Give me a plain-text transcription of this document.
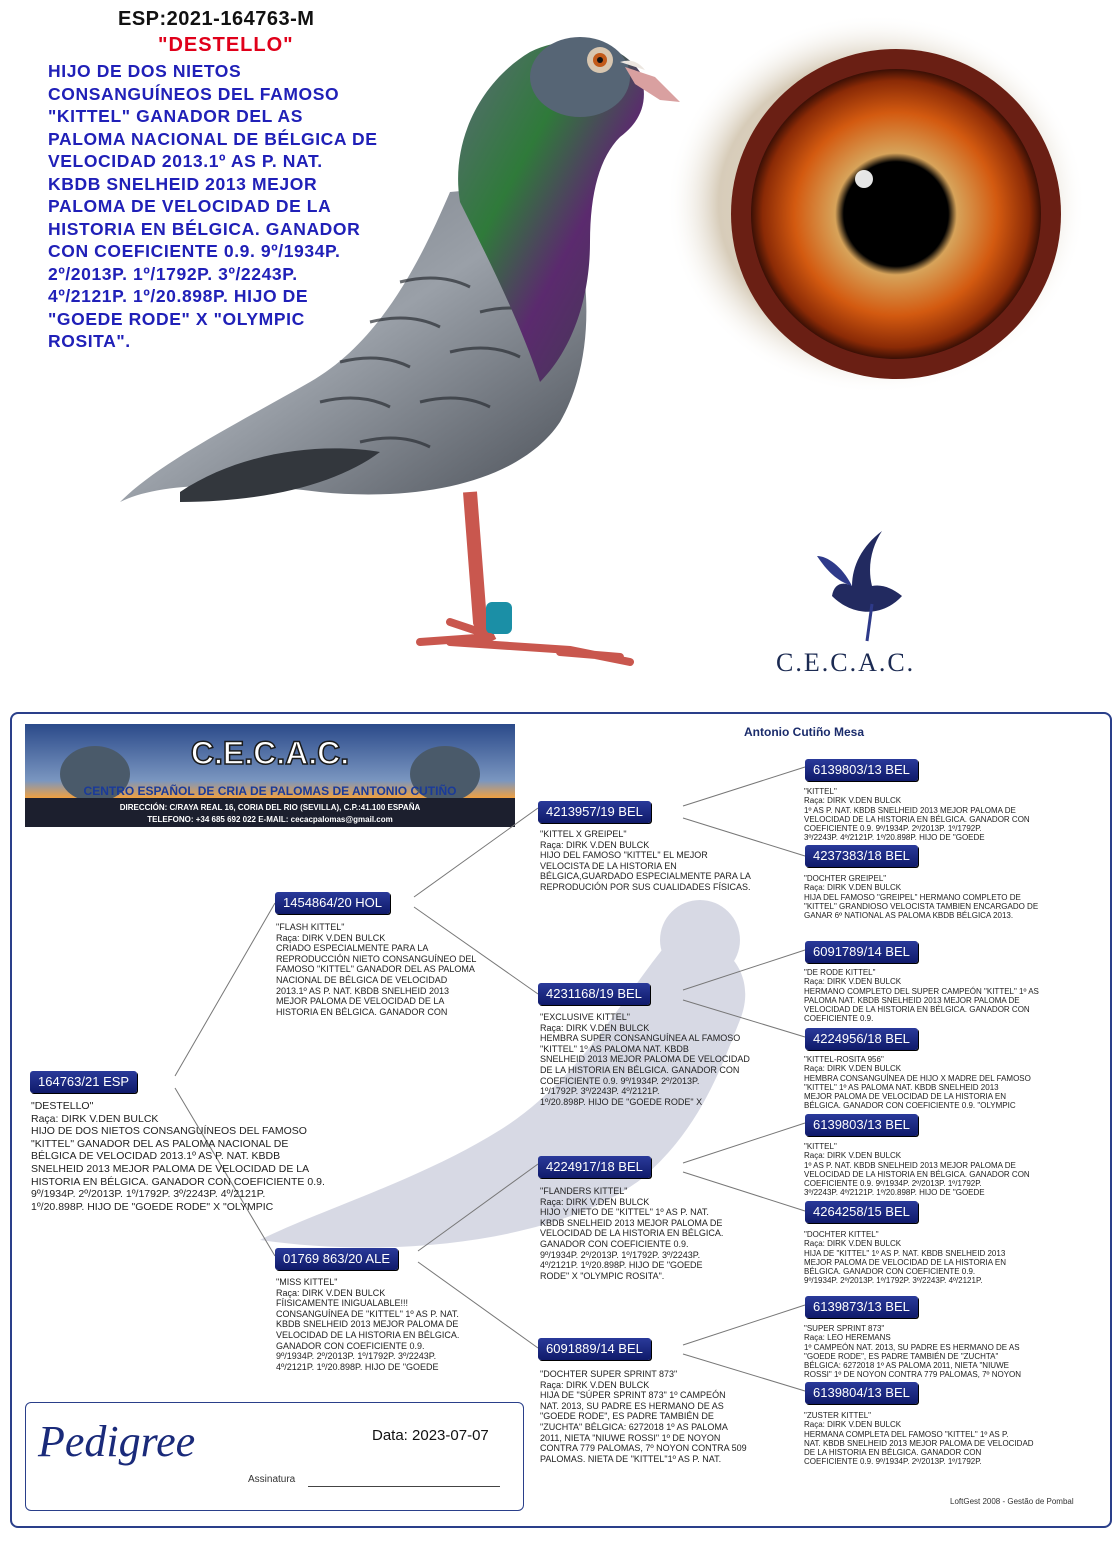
ESP:2021-164763-M
"DESTELLO"
HIJO DE DOS NIETOS
CONSANGUÍNEOS DEL FAMOSO
"KITTEL" GANADOR DEL AS
PALOMA NACIONAL DE BÉLGICA DE
VELOCIDAD 2013.1º AS P. NAT.
KBDB SNELHEID 2013 MEJOR
PALOMA DE VELOCIDAD DE LA
HISTORIA EN BÉLGICA. GANADOR
CON COEFICIENTE 0.9. 9º/1934P.
2º/2013P. 1º/1792P. 3º/2243P.
4º/2121P. 1º/20.898P. HIJO DE
"GOEDE RODE" X "OLYMPIC
ROSITA".
C.E.C.A.C.
C.E.C.A.C.
CENTRO ESPAÑOL DE CRIA DE PALOMAS DE ANTONIO CUTIÑO
DIRECCIÓN: C/RAYA REAL 16, CORIA DEL RIO (SEVILLA), C.P.:41.100 ESPAÑA
TELEFONO: +34 685 692 022 E-MAIL: cecacpalomas@gmail.com
Antonio Cutiño Mesa
164763/21 ESP
"DESTELLO"
Raça: DIRK V.DEN BULCK
HIJO DE DOS NIETOS CONSANGUÍNEOS DEL FAMOSO
"KITTEL" GANADOR DEL AS PALOMA NACIONAL DE
BÉLGICA DE VELOCIDAD 2013.1º AS P. NAT. KBDB
SNELHEID 2013 MEJOR PALOMA DE VELOCIDAD DE LA
HISTORIA EN BÉLGICA. GANADOR CON COEFICIENTE 0.9.
9º/1934P. 2º/2013P. 1º/1792P. 3º/2243P. 4º/2121P.
1º/20.898P. HIJO DE "GOEDE RODE" X "OLYMPIC
1454864/20 HOL
"FLASH KITTEL"
Raça: DIRK V.DEN BULCK
CRIADO ESPECIALMENTE PARA LA
REPRODUCCIÓN NIETO CONSANGUÍNEO DEL
FAMOSO "KITTEL" GANADOR DEL AS PALOMA
NACIONAL DE BÉLGICA DE VELOCIDAD
2013.1º AS P. NAT. KBDB SNELHEID 2013
MEJOR PALOMA DE VELOCIDAD DE LA
HISTORIA EN BÉLGICA. GANADOR CON
01769 863/20 ALE
"MISS KITTEL"
Raça: DIRK V.DEN BULCK
FÍISICAMENTE INIGUALABLE!!!
CONSANGUÍNEA DE "KITTEL" 1º AS P. NAT.
KBDB SNELHEID 2013 MEJOR PALOMA DE
VELOCIDAD DE LA HISTORIA EN BÉLGICA.
GANADOR CON COEFICIENTE 0.9.
9º/1934P. 2º/2013P. 1º/1792P. 3º/2243P.
4º/2121P. 1º/20.898P. HIJO DE "GOEDE
4213957/19 BEL
"KITTEL X GREIPEL"
Raça: DIRK V.DEN BULCK
HIJO DEL FAMOSO "KITTEL" EL MEJOR
VELOCISTA DE LA HISTORIA EN
BÉLGICA,GUARDADO ESPECIALMENTE PARA LA
REPRODUCIÓN POR SUS CUALIDADES FÍSICAS.
4231168/19 BEL
"EXCLUSIVE KITTEL"
Raça: DIRK V.DEN BULCK
HEMBRA SUPER CONSANGUÍNEA AL FAMOSO
"KITTEL" 1º AS PALOMA NAT. KBDB
SNELHEID 2013 MEJOR PALOMA DE VELOCIDAD
DE LA HISTORIA EN BÉLGICA. GANADOR CON
COEFICIENTE 0.9. 9º/1934P. 2º/2013P.
1º/1792P. 3º/2243P. 4º/2121P.
1º/20.898P. HIJO DE "GOEDE RODE" X
4224917/18 BEL
"FLANDERS KITTEL"
Raça: DIRK V.DEN BULCK
HIJO Y NIETO DE "KITTEL" 1º AS P. NAT.
KBDB SNELHEID 2013 MEJOR PALOMA DE
VELOCIDAD DE LA HISTORIA EN BÉLGICA.
GANADOR CON COEFICIENTE 0.9.
9º/1934P. 2º/2013P. 1º/1792P. 3º/2243P.
4º/2121P. 1º/20.898P. HIJO DE "GOEDE
RODE" X "OLYMPIC ROSITA".
6091889/14 BEL
"DOCHTER SUPER SPRINT 873"
Raça: DIRK V.DEN BULCK
HIJA DE "SÚPER SPRINT 873" 1º CAMPEÓN
NAT. 2013, SU PADRE ES HERMANO DE AS
"GOEDE RODE", ES PADRE TAMBIÉN DE
"ZUCHTA" BÉLGICA: 6272018 1º AS PALOMA
2011, NIETA "NIUWE ROSSI" 1º DE NOYON
CONTRA 779 PALOMAS, 7º NOYON CONTRA 509
PALOMAS. NIETA DE "KITTEL"1º AS P. NAT.
6139803/13 BEL
"KITTEL"
Raça: DIRK V.DEN BULCK
1º AS P. NAT. KBDB SNELHEID 2013 MEJOR PALOMA DE
VELOCIDAD DE LA HISTORIA EN BÉLGICA. GANADOR CON
COEFICIENTE 0.9. 9º/1934P. 2º/2013P. 1º/1792P.
3º/2243P. 4º/2121P. 1º/20.898P. HIJO DE "GOEDE
4237383/18 BEL
"DOCHTER GREIPEL"
Raça: DIRK V.DEN BULCK
HIJA DEL FAMOSO "GREIPEL" HERMANO COMPLETO DE
"KITTEL" GRANDIOSO VELOCISTA TAMBIEN ENCARGADO DE
GANAR 6º NATIONAL AS PALOMA KBDB BÉLGICA 2013.
6091789/14 BEL
"DE RODE KITTEL"
Raça: DIRK V.DEN BULCK
HERMANO COMPLETO DEL SUPER CAMPEÓN "KITTEL" 1º AS
PALOMA NAT. KBDB SNELHEID 2013 MEJOR PALOMA DE
VELOCIDAD DE LA HISTORIA EN BÉLGICA. GANADOR CON
COEFICIENTE 0.9.
4224956/18 BEL
"KITTEL-ROSITA 956"
Raça: DIRK V.DEN BULCK
HEMBRA CONSANGUÍNEA DE HIJO X MADRE DEL FAMOSO
"KITTEL" 1º AS PALOMA NAT. KBDB SNELHEID 2013
MEJOR PALOMA DE VELOCIDAD DE LA HISTORIA EN
BÉLGICA. GANADOR CON COEFICIENTE 0.9. "OLYMPIC
6139803/13 BEL
"KITTEL"
Raça: DIRK V.DEN BULCK
1º AS P. NAT. KBDB SNELHEID 2013 MEJOR PALOMA DE
VELOCIDAD DE LA HISTORIA EN BÉLGICA. GANADOR CON
COEFICIENTE 0.9. 9º/1934P. 2º/2013P. 1º/1792P.
3º/2243P. 4º/2121P. 1º/20.898P. HIJO DE "GOEDE
4264258/15 BEL
"DOCHTER KITTEL"
Raça: DIRK V.DEN BULCK
HIJA DE "KITTEL" 1º AS P. NAT. KBDB SNELHEID 2013
MEJOR PALOMA DE VELOCIDAD DE LA HISTORIA EN
BÉLGICA. GANADOR CON COEFICIENTE 0.9.
9º/1934P. 2º/2013P. 1º/1792P. 3º/2243P. 4º/2121P.
6139873/13 BEL
"SUPER SPRINT 873"
Raça: LEO HEREMANS
1º CAMPEÓN NAT. 2013, SU PADRE ES HERMANO DE AS
"GOEDE RODE", ES PADRE TAMBIÉN DE "ZUCHTA"
BÉLGICA: 6272018 1º AS PALOMA 2011, NIETA "NIUWE
ROSSI" 1º DE NOYON CONTRA 779 PALOMAS, 7º NOYON
6139804/13 BEL
"ZUSTER KITTEL"
Raça: DIRK V.DEN BULCK
HERMANA COMPLETA DEL FAMOSO "KITTEL" 1º AS P.
NAT. KBDB SNELHEID 2013 MEJOR PALOMA DE VELOCIDAD
DE LA HISTORIA EN BÉLGICA. GANADOR CON
COEFICIENTE 0.9. 9º/1934P. 2º/2013P. 1º/1792P.
Pedigree	Data: 2023-07-07
Assinatura
LoftGest 2008 - Gestão de Pombal
